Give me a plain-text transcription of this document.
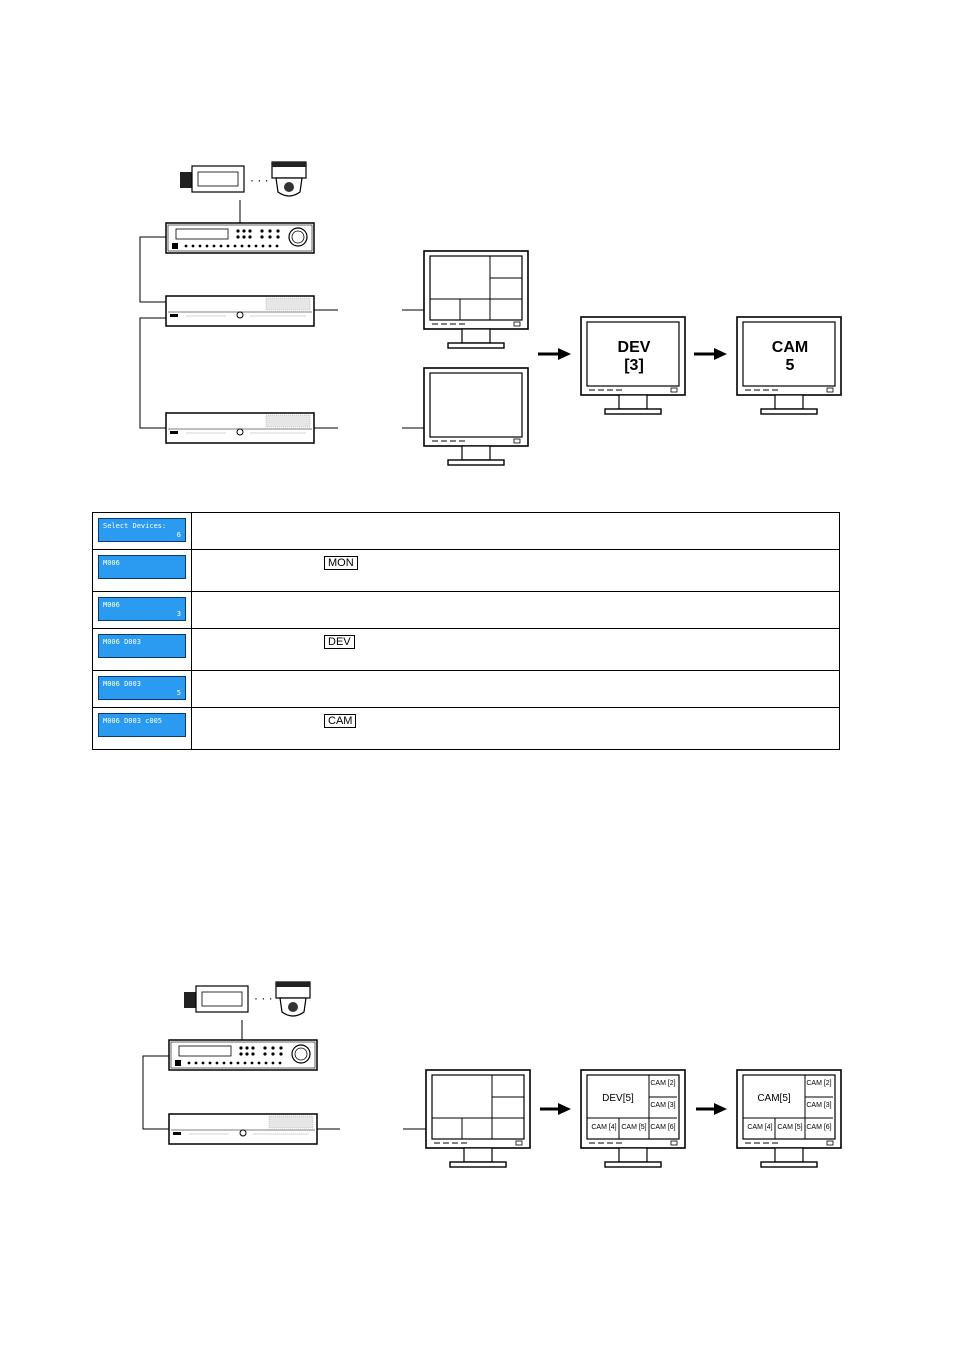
· · ·
DEV
[3]
CAM
5
· · ·
DEV[5]
CAM [2]
CAM [3]
CAM [4] CAM [5] CAM [6]
CAM[5]
CAM [2]
CAM [3]
CAM [4] CAM [5] CAM [6]
Select Devices:
6	

M006	MON

M006
3	

M006 D003	DEV

M006 D003
5	

M006 D003 c005	CAM
